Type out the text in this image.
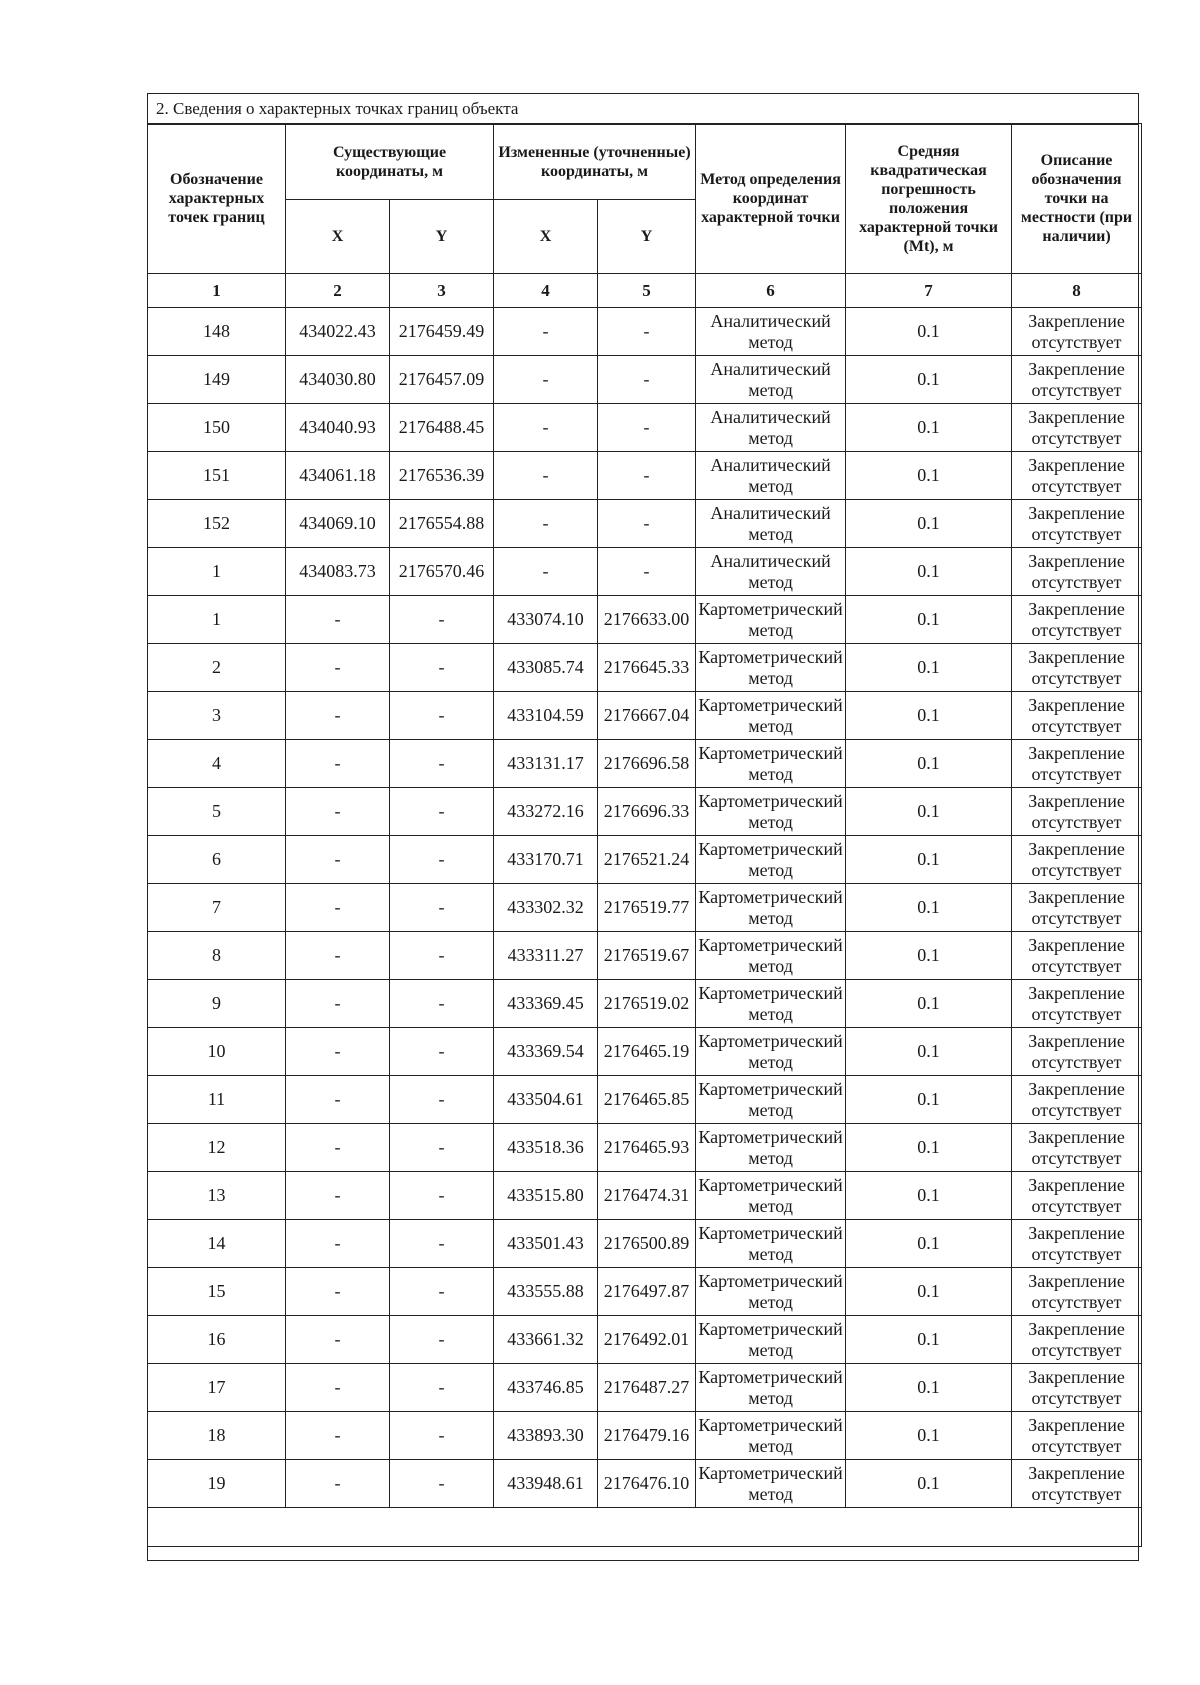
2. Сведения о характерных точках границ объекта
Обозначение характерных точек границ	Существующие координаты, м		Измененные (уточненные) координаты, м		Метод определения координат характерной точки	Средняя квадратическая погрешность положения характерной точки (Mt), м	Описание обозначения точки на местности (при наличии)
	X	Y	X	Y			
1	2	3	4	5	6	7	8
148	434022.43	2176459.49	-	-	Аналитический метод	0.1	Закрепление отсутствует
149	434030.80	2176457.09	-	-	Аналитический метод	0.1	Закрепление отсутствует
150	434040.93	2176488.45	-	-	Аналитический метод	0.1	Закрепление отсутствует
151	434061.18	2176536.39	-	-	Аналитический метод	0.1	Закрепление отсутствует
152	434069.10	2176554.88	-	-	Аналитический метод	0.1	Закрепление отсутствует
1	434083.73	2176570.46	-	-	Аналитический метод	0.1	Закрепление отсутствует
1	-	-	433074.10	2176633.00	Картометрический метод	0.1	Закрепление отсутствует
2	-	-	433085.74	2176645.33	Картометрический метод	0.1	Закрепление отсутствует
3	-	-	433104.59	2176667.04	Картометрический метод	0.1	Закрепление отсутствует
4	-	-	433131.17	2176696.58	Картометрический метод	0.1	Закрепление отсутствует
5	-	-	433272.16	2176696.33	Картометрический метод	0.1	Закрепление отсутствует
6	-	-	433170.71	2176521.24	Картометрический метод	0.1	Закрепление отсутствует
7	-	-	433302.32	2176519.77	Картометрический метод	0.1	Закрепление отсутствует
8	-	-	433311.27	2176519.67	Картометрический метод	0.1	Закрепление отсутствует
9	-	-	433369.45	2176519.02	Картометрический метод	0.1	Закрепление отсутствует
10	-	-	433369.54	2176465.19	Картометрический метод	0.1	Закрепление отсутствует
11	-	-	433504.61	2176465.85	Картометрический метод	0.1	Закрепление отсутствует
12	-	-	433518.36	2176465.93	Картометрический метод	0.1	Закрепление отсутствует
13	-	-	433515.80	2176474.31	Картометрический метод	0.1	Закрепление отсутствует
14	-	-	433501.43	2176500.89	Картометрический метод	0.1	Закрепление отсутствует
15	-	-	433555.88	2176497.87	Картометрический метод	0.1	Закрепление отсутствует
16	-	-	433661.32	2176492.01	Картометрический метод	0.1	Закрепление отсутствует
17	-	-	433746.85	2176487.27	Картометрический метод	0.1	Закрепление отсутствует
18	-	-	433893.30	2176479.16	Картометрический метод	0.1	Закрепление отсутствует
19	-	-	433948.61	2176476.10	Картометрический метод	0.1	Закрепление отсутствует
